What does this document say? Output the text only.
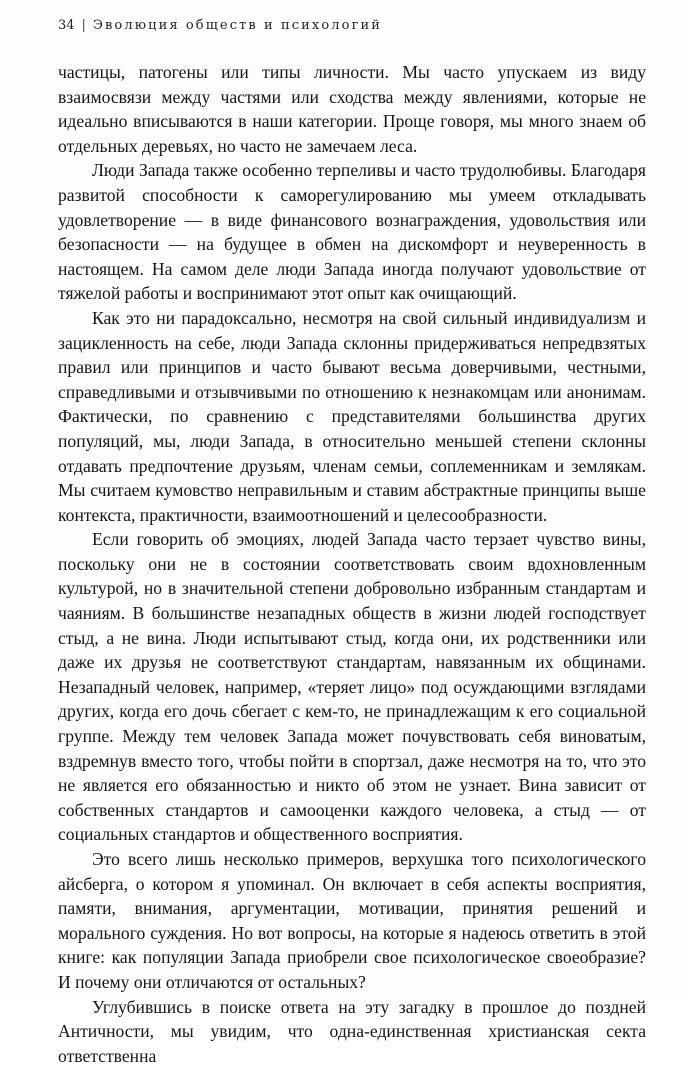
34 | Эволюция обществ и психологий

частицы, патогены или типы личности. Мы часто упускаем из виду взаимосвязи между частями или сходства между явлениями, которые не идеально вписываются в наши категории. Проще говоря, мы много знаем об отдельных деревьях, но часто не замечаем леса.

Люди Запада также особенно терпеливы и часто трудолюбивы. Благодаря развитой способности к саморегулированию мы умеем откладывать удовлетворение — в виде финансового вознаграждения, удовольствия или безопасности — на будущее в обмен на дискомфорт и неуверенность в настоящем. На самом деле люди Запада иногда получают удовольствие от тяжелой работы и воспринимают этот опыт как очищающий.

Как это ни парадоксально, несмотря на свой сильный индивидуализм и зацикленность на себе, люди Запада склонны придерживаться непредвзятых правил или принципов и часто бывают весьма доверчивыми, честными, справедливыми и отзывчивыми по отношению к незнакомцам или анонимам. Фактически, по сравнению с представителями большинства других популяций, мы, люди Запада, в относительно меньшей степени склонны отдавать предпочтение друзьям, членам семьи, соплеменникам и землякам. Мы считаем кумовство неправильным и ставим абстрактные принципы выше контекста, практичности, взаимоотношений и целесообразности.

Если говорить об эмоциях, людей Запада часто терзает чувство вины, поскольку они не в состоянии соответствовать своим вдохновленным культурой, но в значительной степени добровольно избранным стандартам и чаяниям. В большинстве незападных обществ в жизни людей господствует стыд, а не вина. Люди испытывают стыд, когда они, их родственники или даже их друзья не соответствуют стандартам, навязанным их общинами. Незападный человек, например, «теряет лицо» под осуждающими взглядами других, когда его дочь сбегает с кем-то, не принадлежащим к его социальной группе. Между тем человек Запада может почувствовать себя виноватым, вздремнув вместо того, чтобы пойти в спортзал, даже несмотря на то, что это не является его обязанностью и никто об этом не узнает. Вина зависит от собственных стандартов и самооценки каждого человека, а стыд — от социальных стандартов и общественного восприятия.

Это всего лишь несколько примеров, верхушка того психологического айсберга, о котором я упоминал. Он включает в себя аспекты восприятия, памяти, внимания, аргументации, мотивации, принятия решений и морального суждения. Но вот вопросы, на которые я надеюсь ответить в этой книге: как популяции Запада приобрели свое психологическое своеобразие? И почему они отличаются от остальных?

Углубившись в поиске ответа на эту загадку в прошлое до поздней Античности, мы увидим, что одна-единственная христианская секта ответственна
